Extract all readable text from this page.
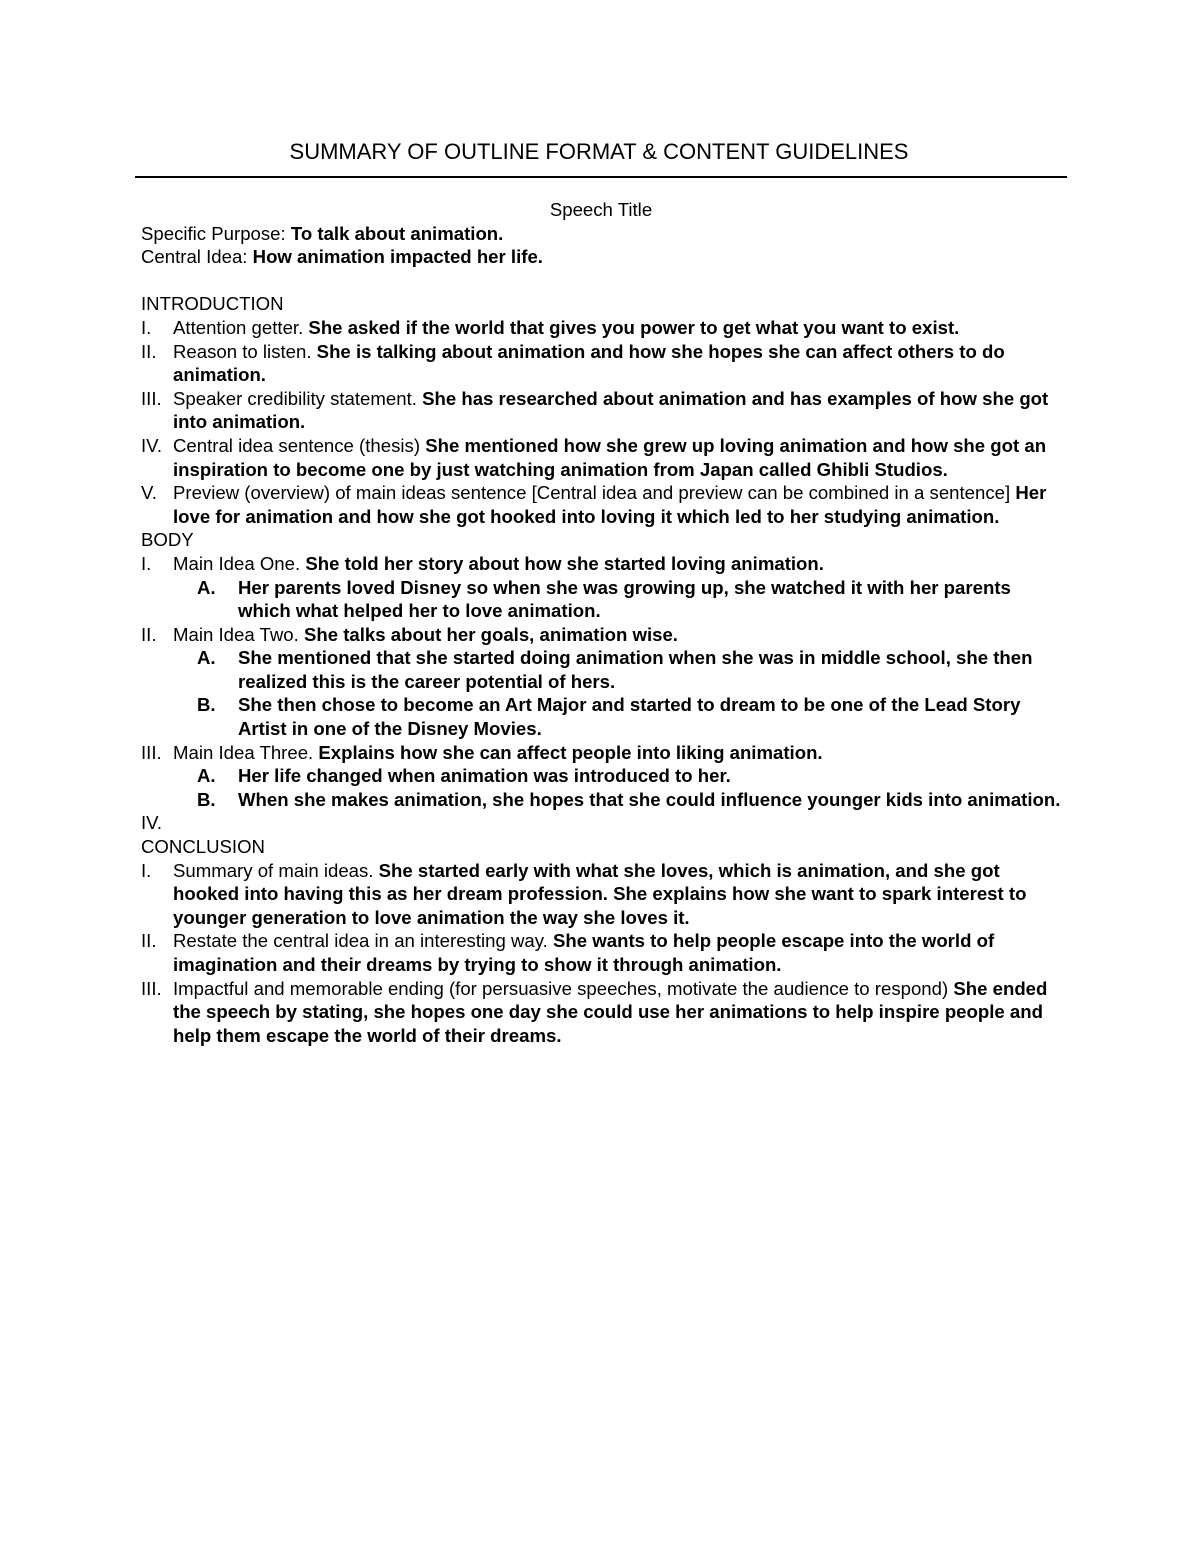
SUMMARY OF OUTLINE FORMAT & CONTENT GUIDELINES
Speech Title
Specific Purpose: To talk about animation.
Central Idea: How animation impacted her life.
INTRODUCTION
I. Attention getter. She asked if the world that gives you power to get what you want to exist.
II. Reason to listen. She is talking about animation and how she hopes she can affect others to do animation.
III. Speaker credibility statement. She has researched about animation and has examples of how she got into animation.
IV. Central idea sentence (thesis) She mentioned how she grew up loving animation and how she got an inspiration to become one by just watching animation from Japan called Ghibli Studios.
V. Preview (overview) of main ideas sentence [Central idea and preview can be combined in a sentence] Her love for animation and how she got hooked into loving it which led to her studying animation.
BODY
I. Main Idea One. She told her story about how she started loving animation.
A. Her parents loved Disney so when she was growing up, she watched it with her parents which what helped her to love animation.
II. Main Idea Two. She talks about her goals, animation wise.
A. She mentioned that she started doing animation when she was in middle school, she then realized this is the career potential of hers.
B. She then chose to become an Art Major and started to dream to be one of the Lead Story Artist in one of the Disney Movies.
III. Main Idea Three. Explains how she can affect people into liking animation.
A. Her life changed when animation was introduced to her.
B. When she makes animation, she hopes that she could influence younger kids into animation.
IV.
CONCLUSION
I. Summary of main ideas. She started early with what she loves, which is animation, and she got hooked into having this as her dream profession. She explains how she want to spark interest to younger generation to love animation the way she loves it.
II. Restate the central idea in an interesting way. She wants to help people escape into the world of imagination and their dreams by trying to show it through animation.
III. Impactful and memorable ending (for persuasive speeches, motivate the audience to respond) She ended the speech by stating, she hopes one day she could use her animations to help inspire people and help them escape the world of their dreams.
